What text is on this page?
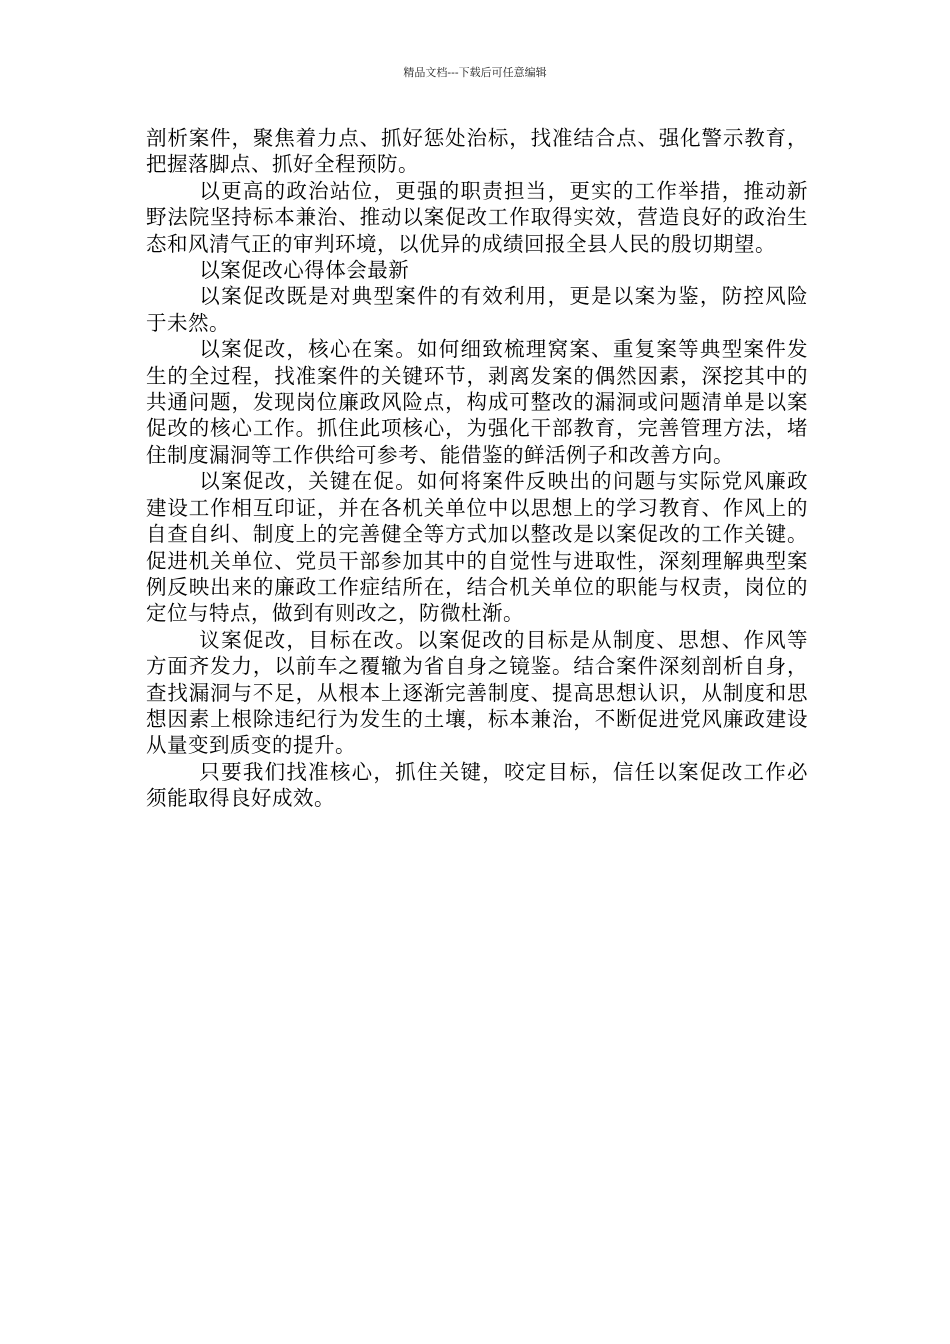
精品文档---下载后可任意编辑

剖析案件，聚焦着力点、抓好惩处治标，找准结合点、强化警示教育，把握落脚点、抓好全程预防。

以更高的政治站位，更强的职责担当，更实的工作举措，推动新野法院坚持标本兼治、推动以案促改工作取得实效，营造良好的政治生态和风清气正的审判环境，以优异的成绩回报全县人民的殷切期望。

以案促改心得体会最新

以案促改既是对典型案件的有效利用，更是以案为鉴，防控风险于未然。

以案促改，核心在案。如何细致梳理窝案、重复案等典型案件发生的全过程，找准案件的关键环节，剥离发案的偶然因素，深挖其中的共通问题，发现岗位廉政风险点，构成可整改的漏洞或问题清单是以案促改的核心工作。抓住此项核心，为强化干部教育，完善管理方法，堵住制度漏洞等工作供给可参考、能借鉴的鲜活例子和改善方向。

以案促改，关键在促。如何将案件反映出的问题与实际党风廉政建设工作相互印证，并在各机关单位中以思想上的学习教育、作风上的自查自纠、制度上的完善健全等方式加以整改是以案促改的工作关键。促进机关单位、党员干部参加其中的自觉性与进取性，深刻理解典型案例反映出来的廉政工作症结所在，结合机关单位的职能与权责，岗位的定位与特点，做到有则改之，防微杜渐。

议案促改，目标在改。以案促改的目标是从制度、思想、作风等方面齐发力，以前车之覆辙为省自身之镜鉴。结合案件深刻剖析自身，查找漏洞与不足，从根本上逐渐完善制度、提高思想认识，从制度和思想因素上根除违纪行为发生的土壤，标本兼治，不断促进党风廉政建设从量变到质变的提升。

只要我们找准核心，抓住关键，咬定目标，信任以案促改工作必须能取得良好成效。
